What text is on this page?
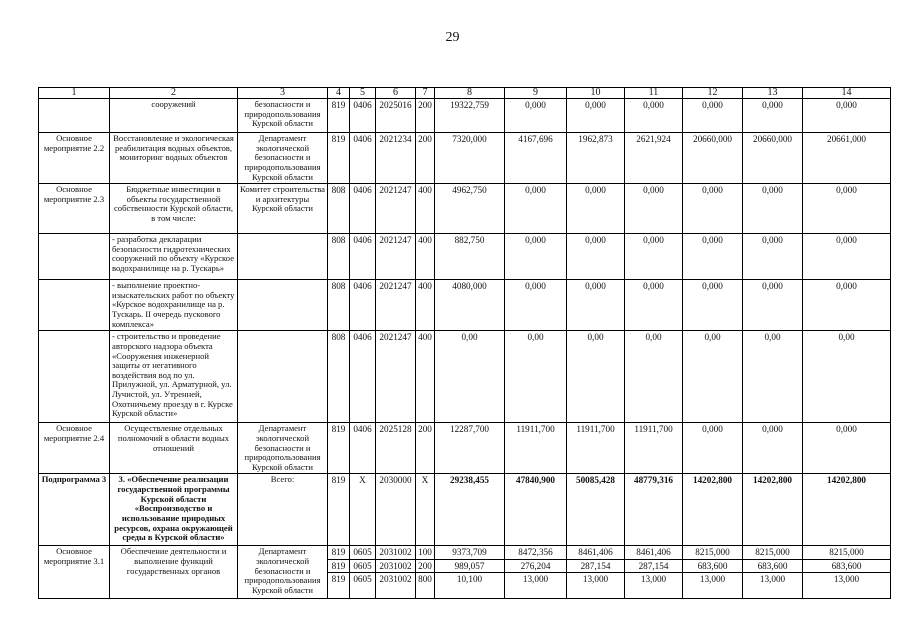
29
1	2	3	4	5	6	7	8	9	10	11	12	13	14
	сооружений	безопасности и природопользования Курской области	819	0406	2025016	200	19322,759	0,000	0,000	0,000	0,000	0,000	0,000
Основное мероприятие 2.2	Восстановление и экологическая реабилитация водных объектов, мониторинг водных объектов	Департамент экологической безопасности и природопользования Курской области	819	0406	2021234	200	7320,000	4167,696	1962,873	2621,924	20660,000	20660,000	20661,000
Основное мероприятие 2.3	Бюджетные инвестиции в объекты государственной собственности Курской области, в том числе:	Комитет строительства и архитектуры Курской области	808	0406	2021247	400	4962,750	0,000	0,000	0,000	0,000	0,000	0,000
	- разработка декларации безопасности гидротехнических сооружений по объекту «Курское водохранилище на р. Тускарь»		808	0406	2021247	400	882,750	0,000	0,000	0,000	0,000	0,000	0,000
	- выполнение проектно-изыскательских работ по объекту «Курское водохранилище на р. Тускарь. II очередь пускового комплекса»		808	0406	2021247	400	4080,000	0,000	0,000	0,000	0,000	0,000	0,000
	- строительство и проведение авторского надзора объекта «Сооружения инженерной защиты от негативного воздействия вод по ул. Прилужной, ул. Арматурной, ул. Лучистой, ул. Утренней, Охотничьему проезду в г. Курске Курской области»		808	0406	2021247	400	0,00	0,00	0,00	0,00	0,00	0,00	0,00
Основное мероприятие 2.4	Осуществление отдельных полномочий в области водных отношений	Департамент экологической безопасности и природопользования Курской области	819	0406	2025128	200	12287,700	11911,700	11911,700	11911,700	0,000	0,000	0,000
Подпрограмма 3	3. «Обеспечение реализации государственной программы Курской области «Воспроизводство и использование природных ресурсов, охрана окружающей среды в Курской области»	Всего:	819	X	2030000	X	29238,455	47840,900	50085,428	48779,316	14202,800	14202,800	14202,800
Основное мероприятие 3.1	Обеспечение деятельности и выполнение функций государственных органов	Департамент экологической безопасности и природопользования Курской области	819	0605	2031002	100	9373,709	8472,356	8461,406	8461,406	8215,000	8215,000	8215,000
			819	0605	2031002	200	989,057	276,204	287,154	287,154	683,600	683,600	683,600
			819	0605	2031002	800	10,100	13,000	13,000	13,000	13,000	13,000	13,000
